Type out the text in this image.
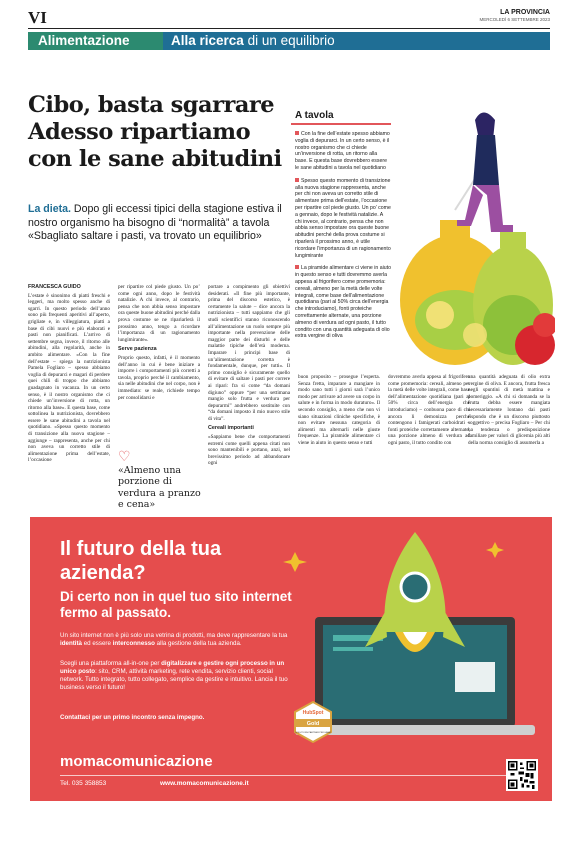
VI	LA PROVINCIA
MERCOLEDÌ 6 SETTEMBRE 2023
Alimentazione	Alla ricerca di un equilibrio
Cibo, basta sgarrare
Adesso ripartiamo
con le sane abitudini
La dieta. Dopo gli eccessi tipici della stagione estiva il nostro organismo ha bisogno di “normalità” a tavola «Sbagliato saltare i pasti, va trovato un equilibrio»
A tavola
Con la fine dell’estate spesso abbiamo voglia di depurarci. In un certo senso, è il nostro organismo che ci chiede un’inversione di rotta, un ritorno alla base. E questa base dovrebbero essere le sane abitudini a tavola nel quotidiano
Spesso questo momento di transizione alla nuova stagione rappresenta, anche per chi non aveva un corretto stile di alimentare prima dell’estate, l’occasione per ripartire col piede giusto. Un po’ come a gennaio, dopo le festività natalizie. A chi invece, al contrario, pensa che non abbia senso impostare ora queste buone abitudini perché della prova costume si riparlerà il prossimo anno, è utile ricordare l’importanza di un ragionamento lungimirante
La piramide alimentare ci viene in aiuto in questo senso e tutti dovremmo averla appesa al frigorifero come promemoria: cereali, almeno per la metà delle volte integrali, come base dell’alimentazione quotidiana (pari al 50% circa dell’energia che introduciamo), fonti proteiche correttamente alternate, una porzione almeno di verdura ad ogni pasto, il tutto condito con una quantità adeguata di olio extra vergine di oliva
FRANCESCA GUIDO
L’estate è sinonimo di piatti freschi e leggeri, ma molto spesso anche di sgarri. In questo periodo dell’anno sono più frequenti aperitivi all’aperto, grigliate e, in villeggiatura, piatti a base di cibi nuovi e più elaborati e pasti non pianificati. L’arrivo di settembre segna, invece, il ritorno alle abitudini, alla regolarità, anche in ambito alimentare. «Con la fine dell’estate – spiega la nutrizionista Pamela Fogliaro – spesso abbiamo voglia di depurarci e magari di perdere quei chili di troppo che abbiamo guadagnato in vacanza. In un certo senso, è il nostro organismo che ci chiede un’inversione di rotta, un ritorno alla base». E questa base, come sottolinea la nutrizionista, dovrebbero essere le sane abitudini a tavola nel quotidiano. «Spesso questo momento di transizione alla nuova stagione – aggiunge – rappresenta, anche per chi non aveva un corretto stile di alimentazione prima dell’estate, l’occasione
per ripartire col piede giusto. Un po’ come ogni anno, dopo le festività natalizie. A chi invece, al contrario, pensa che non abbia senso impostare ora queste buone abitudini perché dalla prova costume se ne ripariarlerà il prossimo anno, tengo a ricordare l’importanza di un ragionamento lungimirante».
Serve pazienza
Proprio questo, infatti, è il momento dell’anno in cui è bene iniziare a imporre i comportamenti più corretti a tavola, proprio perché il cambiamento, sia nelle abitudini che nel corpo, non è immediato: se reale, richiede tempo per consolidarsi e
portare a compimento gli obiettivi desiderati. «Il fine più importante, prima del discorso estetico, è certamente la salute – dice ancora la nutrizionista – tutti sappiamo che gli studi scientifici stanno riconoscendo all’alimentazione un ruolo sempre più importante nella prevenzione delle maggior parte dei disturbi e delle malattie tipiche dell’età moderna. Imparare i principi base di un’alimentazione corretta è fondamentale, dunque, per tutti». Il primo consiglio è sicuramente quello di evitare di saltare i pasti per correre ai ripari: fra si come “da domani digiuno” oppure “per una settimana mangio solo frutta e verdura per depurarmi” andrebbero sostituite con “da domani imposto il mio nuovo stile di vita”.
Cereali importanti
«Sappiamo bene che comportamenti estremi come quelli appena citati non sono mantenibili e portano, anzi, nel brevissimo periodo ad abbandonare ogni
buon proposito – prosegue l’esperta. Senza fretta, imparare a mangiare in modo sano tutti i giorni sarà l’unico modo per arrivare ad avere un corpo in salute e in forma in modo duraturo». Il secondo consiglio, a meno che non vi siano situazioni cliniche specifiche, è non evitare nessuna categoria di alimenti ma alternarli nelle giuste frequenze. La piramide alimentare ci viene in aiuto in questo senso e tutti
dovremmo averla appesa al frigorifero come promemoria: cereali, almeno per la metà delle volte integrali, come base dell’alimentazione quotidiana (pari al 50% circa dell’energia che introduciamo) – conbuona pace di chi ancora li demonizza perché contengono i famigerati carboidrati – fonti proteiche correttamente alternate, una porzione almeno di verdura ad ogni pasto, il tutto condito con
una quantità adeguata di olio extra vergine di oliva. E ancora, frutta fresca negli spuntini di metà mattina e pomeriggio. «A chi si domanda se la frutta debba essere mangiata necessariamente lontano dai pasti rispondo che è un discorso piuttosto soggettivo – precisa Fogliaro – Per chi ha tendenza o predisposizione familiare per valori di glicemia più alti della norma consiglio di assumerla a
♡
«Almeno una porzione di verdura a pranzo e cena»
Il futuro della tua azienda?
Di certo non in quel tuo sito internet fermo al passato.
Un sito internet non è più solo una vetrina di prodotti, ma deve rappresentare la tua identità ed essere interconnesso alla gestione della tua azienda.
Scegli una piattaforma all-in-one per digitalizzare e gestire ogni processo in un unico posto: sito, CRM, attività marketing, rete vendita, servizio clienti, social network. Tutto integrato, tutto collegato, semplice da gestire e intuitivo. Lancia il tuo business verso il futuro!
Contattaci per un primo incontro senza impegno.
HubSpot
Gold
SOLUTIONS PARTNER PROGRAM
momacomunicazione
Tel. 035 358853	www.momacomunicazione.it
